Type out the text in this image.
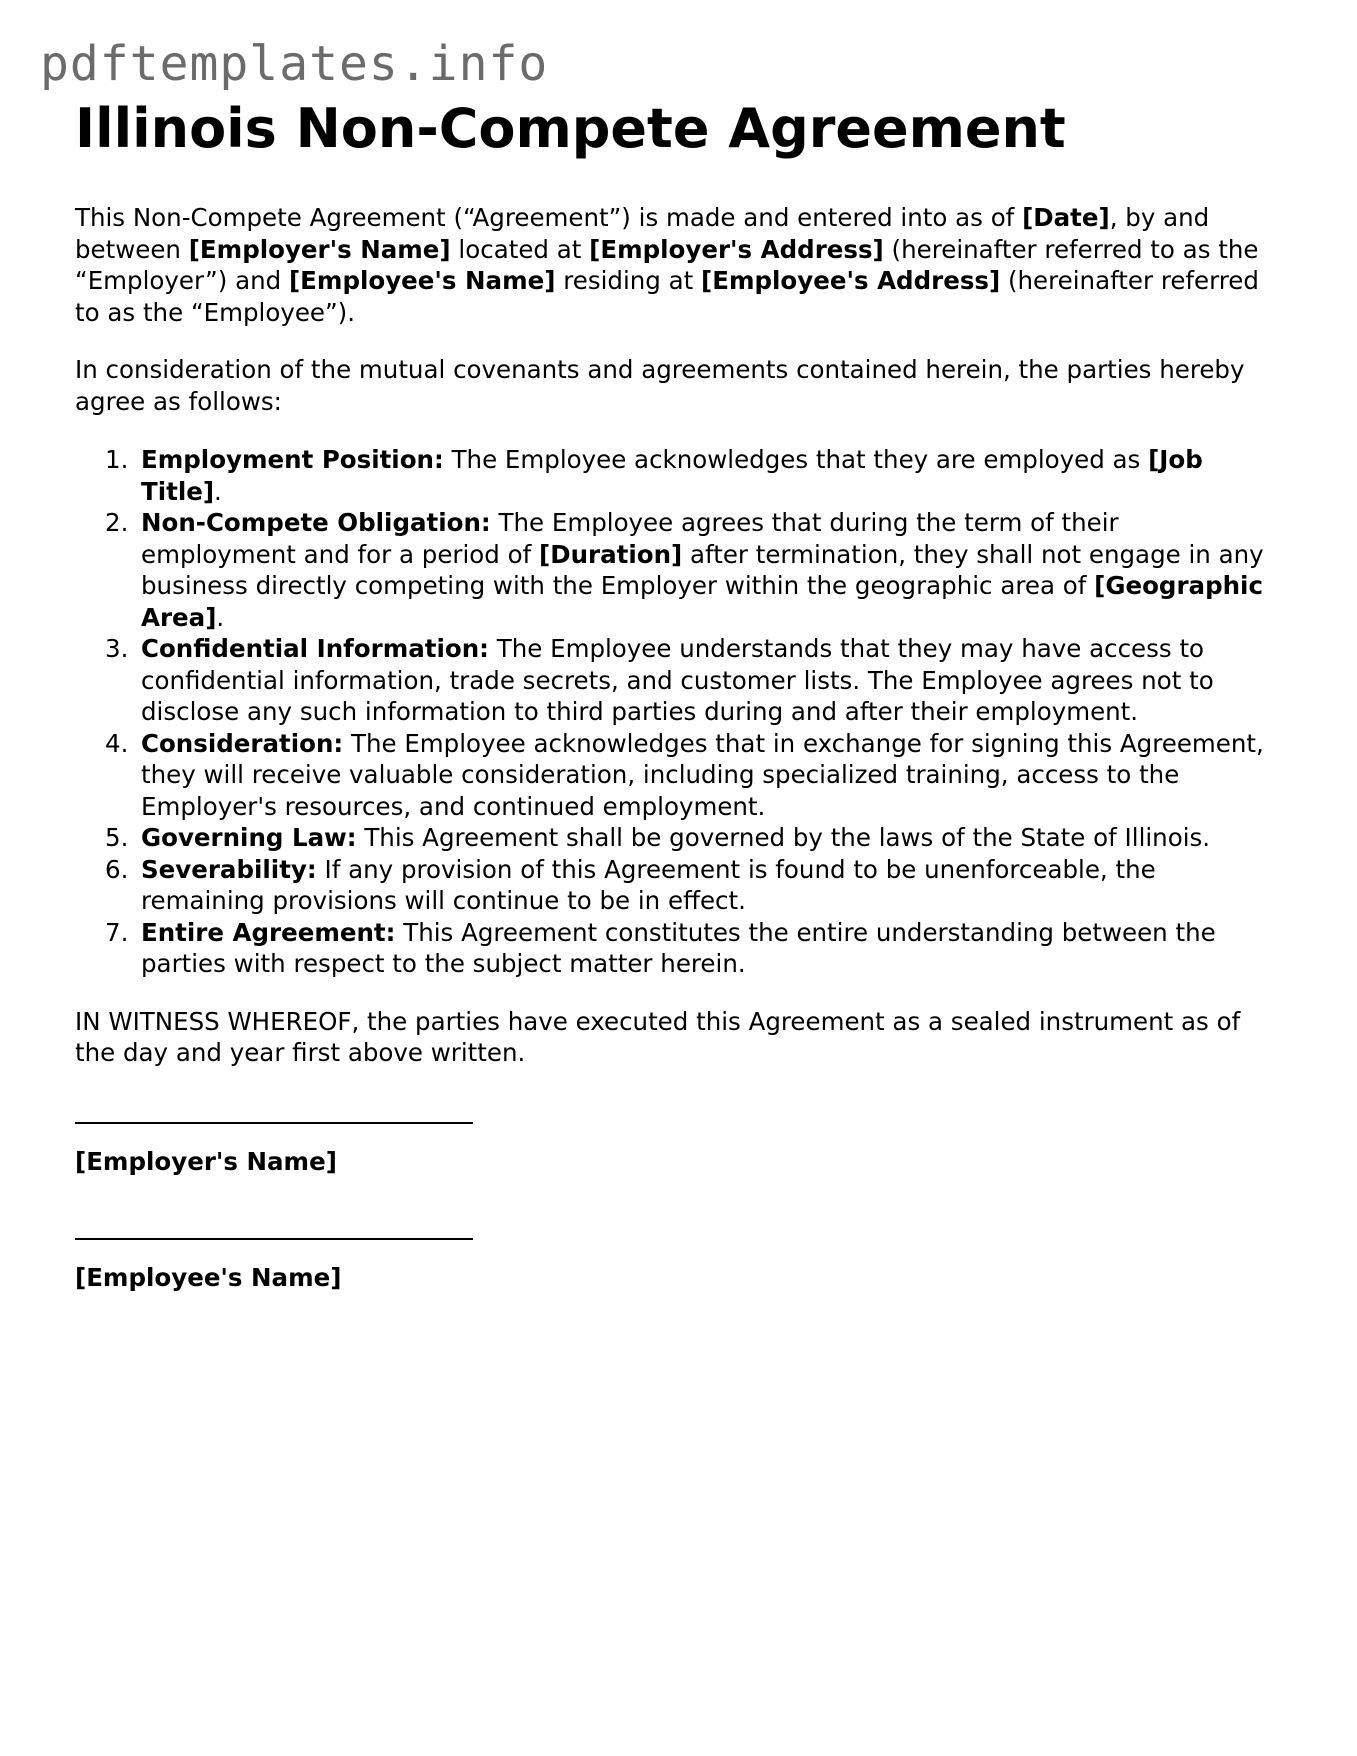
pdftemplates.info
Illinois Non-Compete Agreement

This Non-Compete Agreement (“Agreement”) is made and entered into as of [Date], by and between [Employer's Name] located at [Employer's Address] (hereinafter referred to as the “Employer”) and [Employee's Name] residing at [Employee's Address] (hereinafter referred to as the “Employee”).

In consideration of the mutual covenants and agreements contained herein, the parties hereby agree as follows:

1. Employment Position: The Employee acknowledges that they are employed as [Job Title].
2. Non-Compete Obligation: The Employee agrees that during the term of their employment and for a period of [Duration] after termination, they shall not engage in any business directly competing with the Employer within the geographic area of [Geographic Area].
3. Confidential Information: The Employee understands that they may have access to confidential information, trade secrets, and customer lists. The Employee agrees not to disclose any such information to third parties during and after their employment.
4. Consideration: The Employee acknowledges that in exchange for signing this Agreement, they will receive valuable consideration, including specialized training, access to the Employer's resources, and continued employment.
5. Governing Law: This Agreement shall be governed by the laws of the State of Illinois.
6. Severability: If any provision of this Agreement is found to be unenforceable, the remaining provisions will continue to be in effect.
7. Entire Agreement: This Agreement constitutes the entire understanding between the parties with respect to the subject matter herein.

IN WITNESS WHEREOF, the parties have executed this Agreement as a sealed instrument as of the day and year first above written.

[Employer's Name]
[Employee's Name]
